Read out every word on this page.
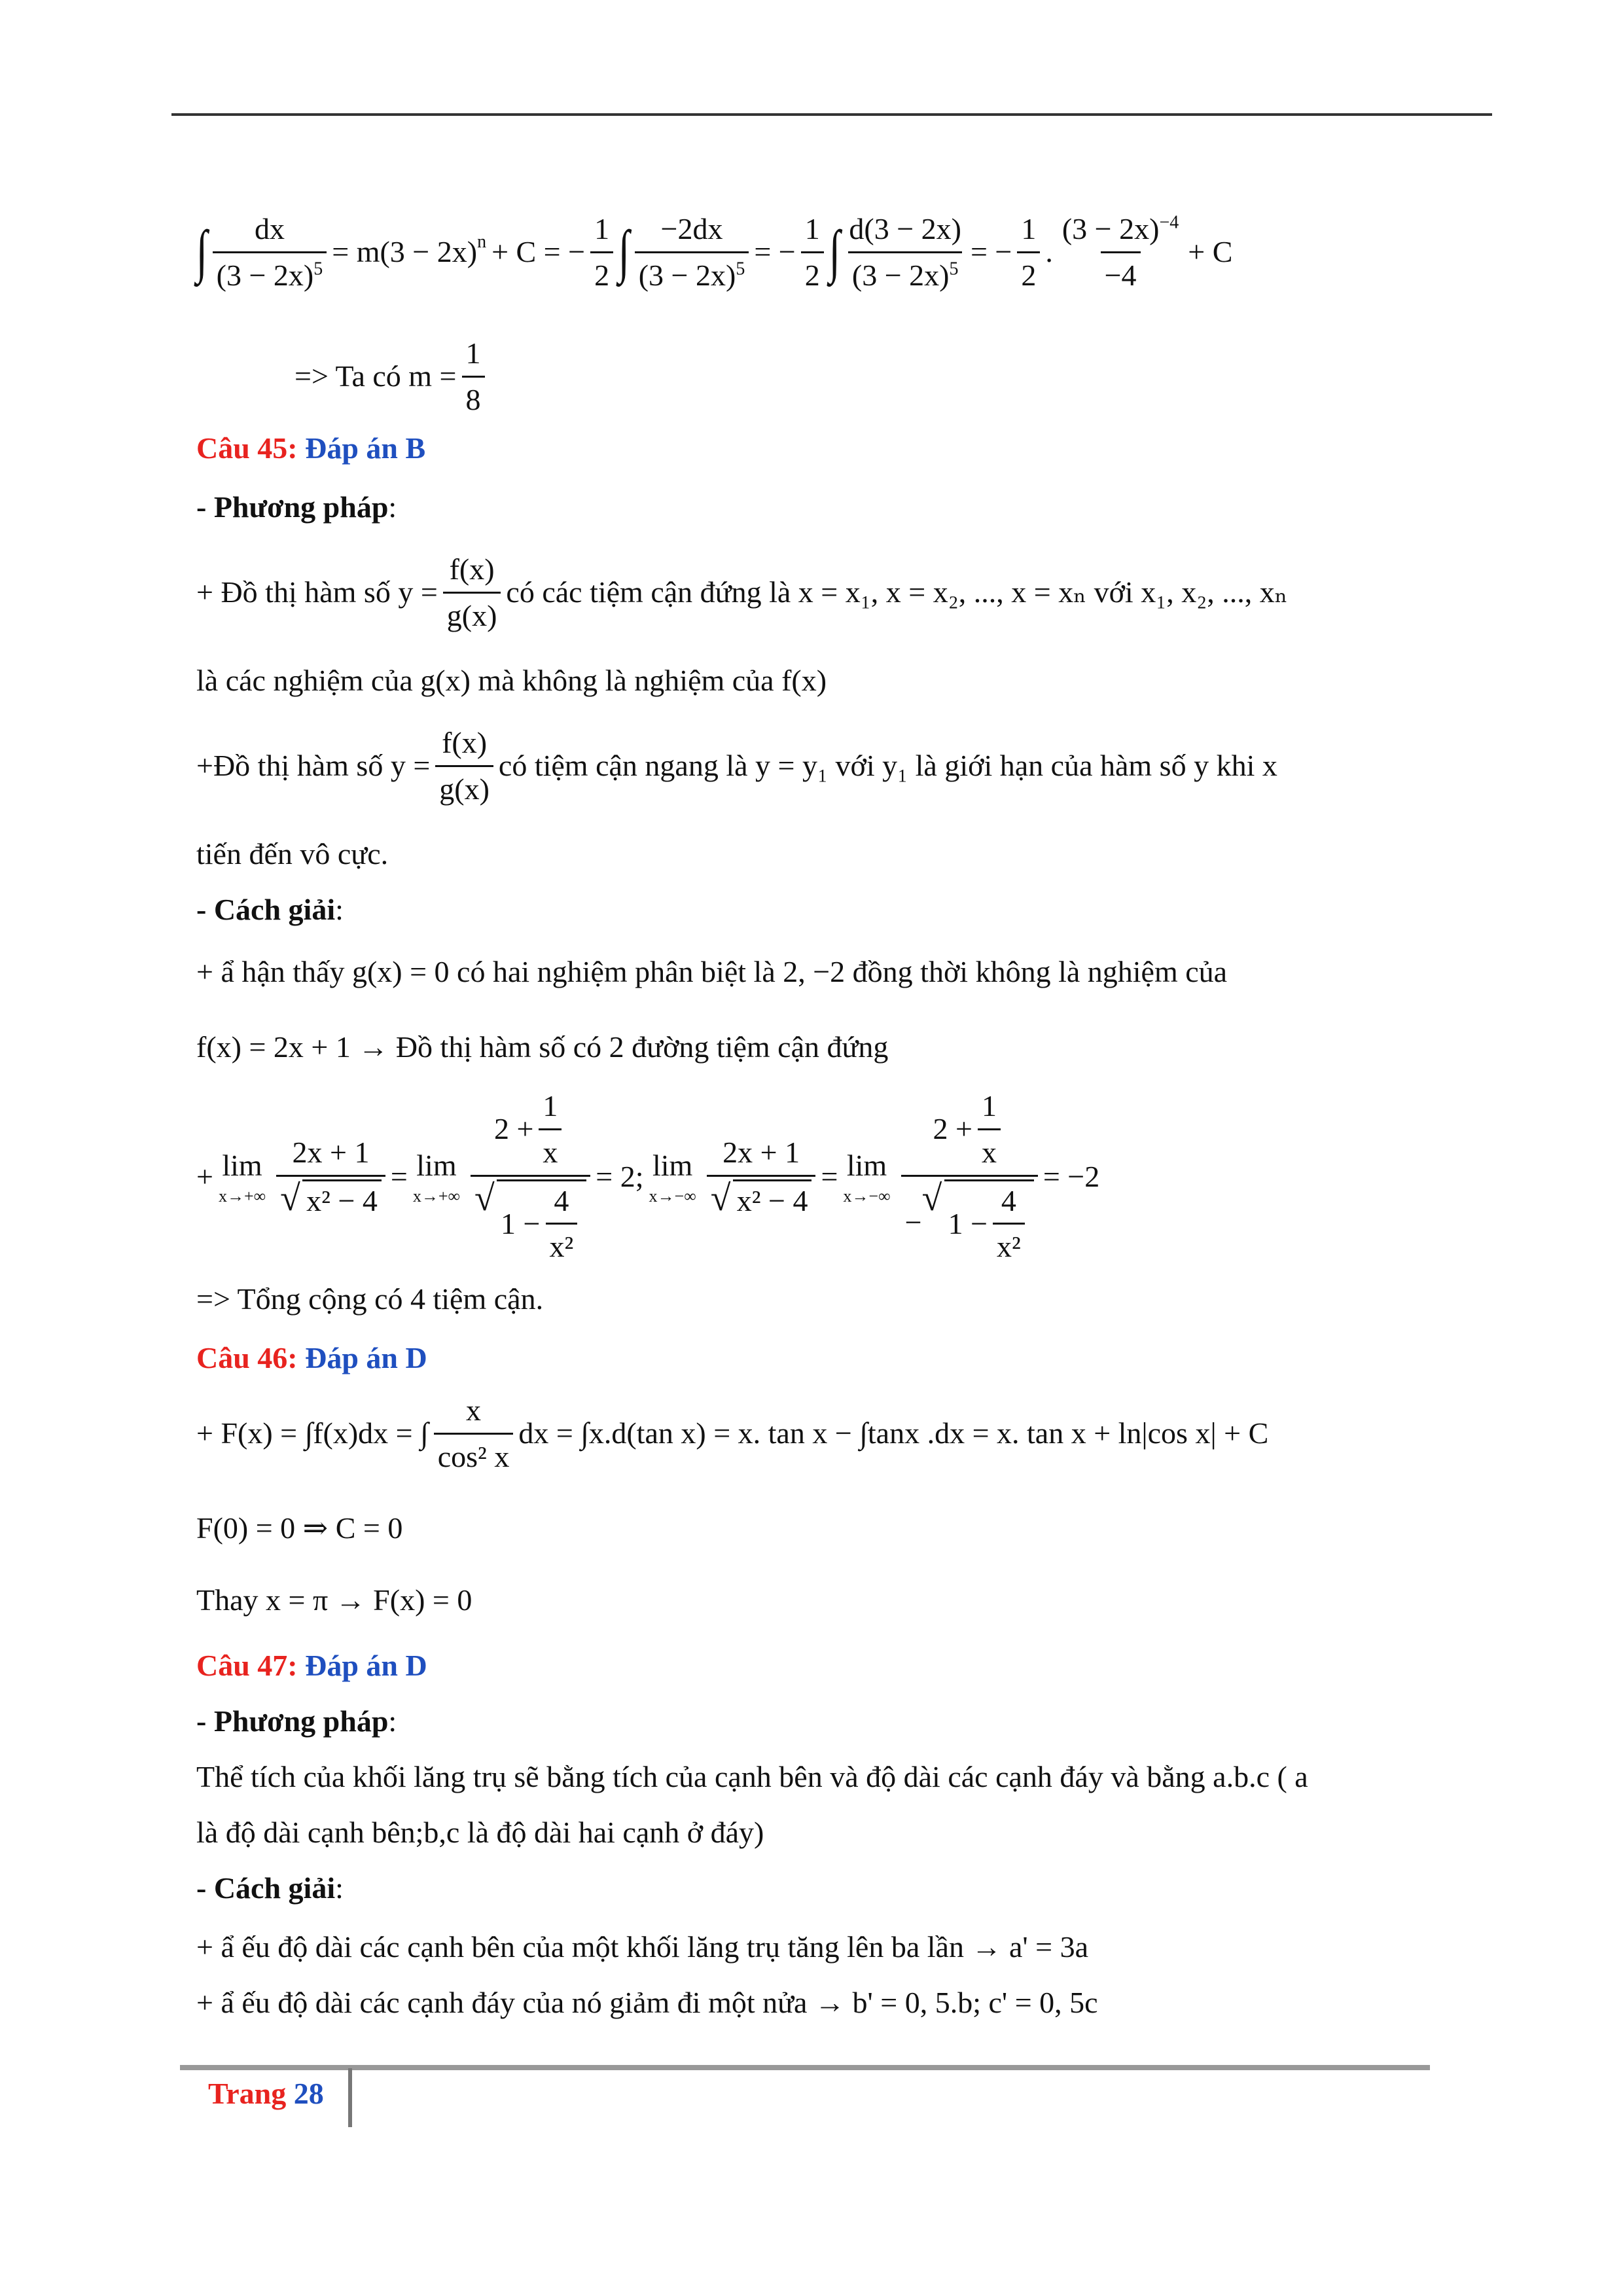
∫ $\frac{dx}{(3 - 2x)^5} = m(3 - 2x)^n + C$ = − $\frac{1}{2}$ ∫ $\frac{-2dx}{(3 - 2x)^5}$ = − $\frac{1}{2}$ ∫ $\frac{d(3 - 2x)}{(3 - 2x)^5}$ = − $\frac{1}{2}$ . $\frac{(3 - 2x)^{-4}}{-4} + C$
=> Ta có $m = \frac{1}{8}$
Câu 45: Đáp án B
- Phương pháp:
+ Đồ thị hàm số $y = \frac{f(x)}{g(x)}$ có các tiệm cận đứng là x = x₁, x = x₂, ..., x = xₙ với x₁, x₂, ..., xₙ
là các nghiệm của g(x) mà không là nghiệm của f(x)
+Đồ thị hàm số $y = \frac{f(x)}{g(x)}$ có tiệm cận ngang là y = y₁ với y₁ là giới hạn của hàm số y khi x
tiến đến vô cực.
- Cách giải:
+ ẩ hận thấy g(x) = 0 có hai nghiệm phân biệt là 2, −2 đồng thời không là nghiệm của
f(x) = 2x + 1 → Đồ thị hàm số có 2 đường tiệm cận đứng
+ lim
x→+∞ 2x + 1
√ x² − 4 = lim
x→+∞ $2 + \frac{1}{x}$
√ $1 - \frac{4}{\text{x²}} = 2$; lim
x→−∞ 2x + 1
√ x² − 4 = lim
x→−∞ $2 + \frac{1}{x}$
−
√ $1 - \frac{4}{\text{x²}} = -2$
=> Tổng cộng có 4 tiệm cận.
Câu 46: Đáp án D
+ F(x) = ∫f(x)dx = ∫ $\frac{x}{\text{cos² x}}$ dx = ∫x.d(tan x) = x. tan x − ∫tanx .dx = x. tan x + ln|cos x| + C
F(0) = 0 ⇒ C = 0
Thay x = π → F(x) = 0
Câu 47: Đáp án D
- Phương pháp:
Thể tích của khối lăng trụ sẽ bằng tích của cạnh bên và độ dài các cạnh đáy và bằng a.b.c ( a
là độ dài cạnh bên;b,c là độ dài hai cạnh ở đáy)
- Cách giải:
+ ẩ ếu độ dài các cạnh bên của một khối lăng trụ tăng lên ba lần → a' = 3a
+ ẩ ếu độ dài các cạnh đáy của nó giảm đi một nửa → b' = 0, 5.b; c' = 0, 5c
Trang 28
